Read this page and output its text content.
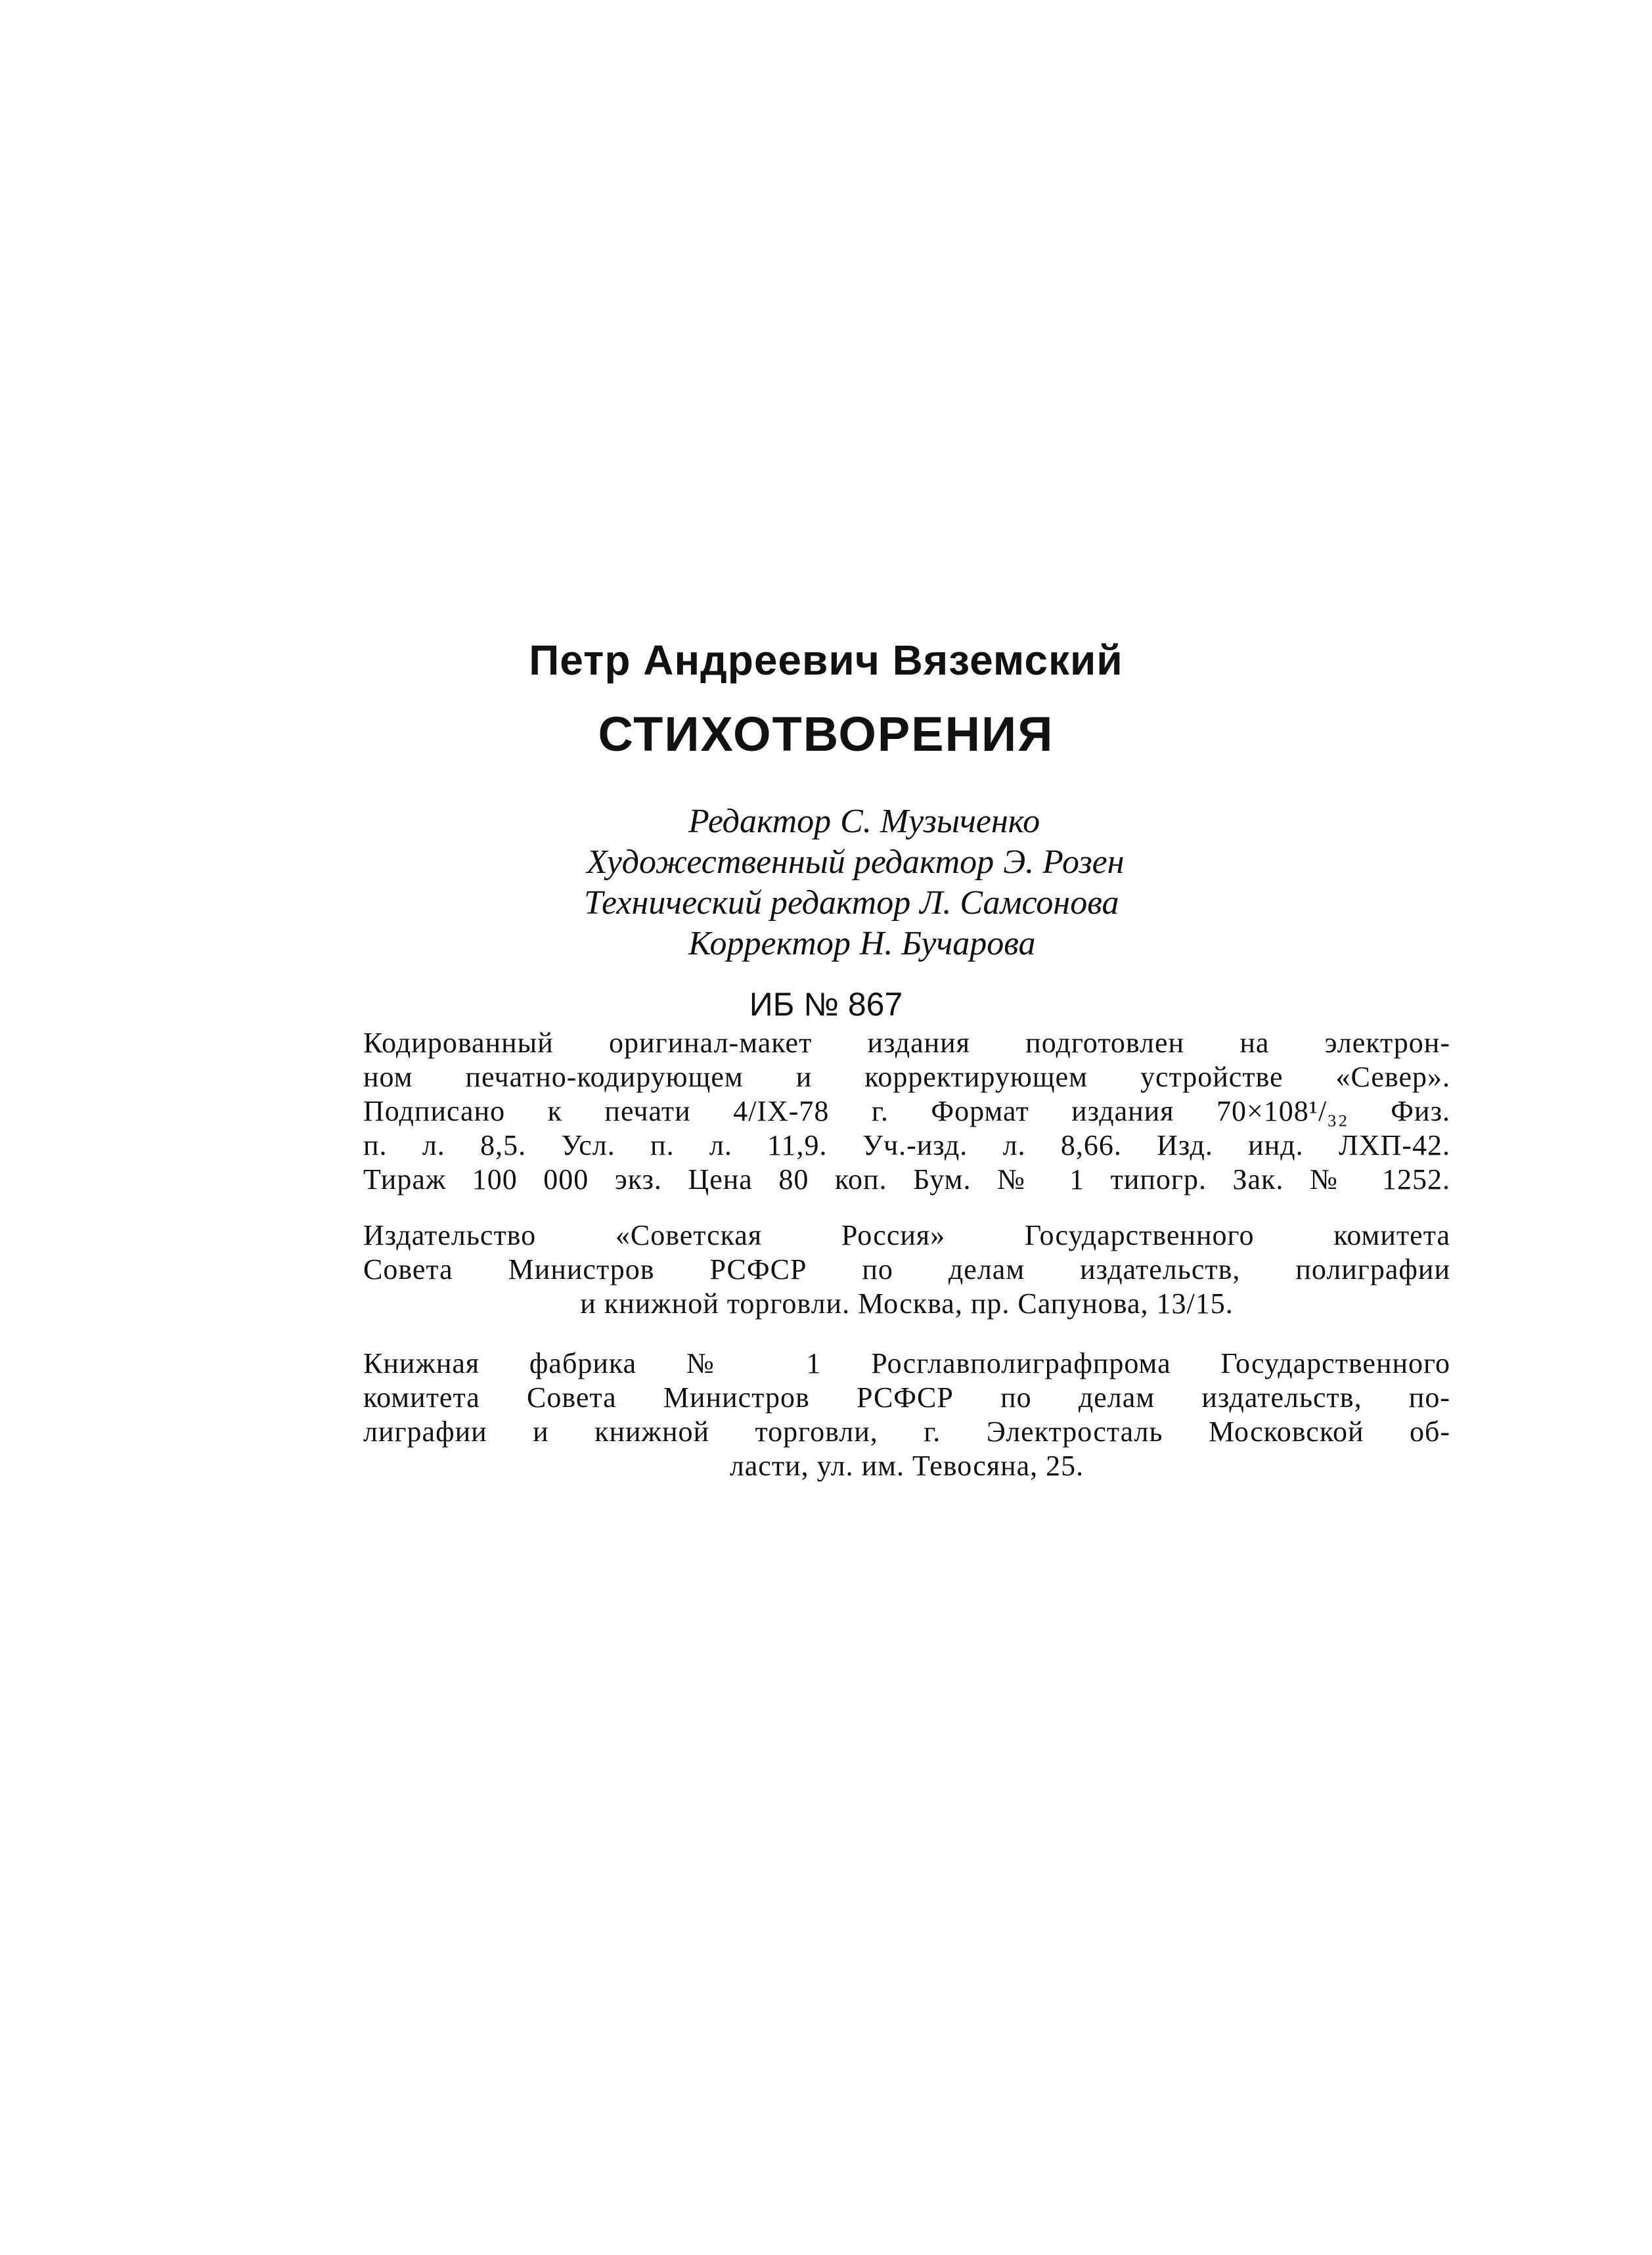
Петр Андреевич Вяземский
СТИХОТВОРЕНИЯ
Редактор С. Музыченко
Художественный редактор Э. Розен
Технический редактор Л. Самсонова
Корректор Н. Бучарова
ИБ № 867
Кодированный оригинал-макет издания подготовлен на электрон-
ном печатно-кодирующем и корректирующем устройстве «Север».
Подписано к печати 4/IX-78 г. Формат издания 70×108¹/₃₂ Физ.
п. л. 8,5. Усл. п. л. 11,9. Уч.-изд. л. 8,66. Изд. инд. ЛХП-42.
Тираж 100 000 экз. Цена 80 коп. Бум. № 1 типогр. Зак. № 1252.
Издательство «Советская Россия» Государственного комитета
Совета Министров РСФСР по делам издательств, полиграфии
и книжной торговли. Москва, пр. Сапунова, 13/15.
Книжная фабрика № 1 Росглавполиграфпрома Государственного
комитета Совета Министров РСФСР по делам издательств, по-
лиграфии и книжной торговли, г. Электросталь Московской об-
ласти, ул. им. Тевосяна, 25.
